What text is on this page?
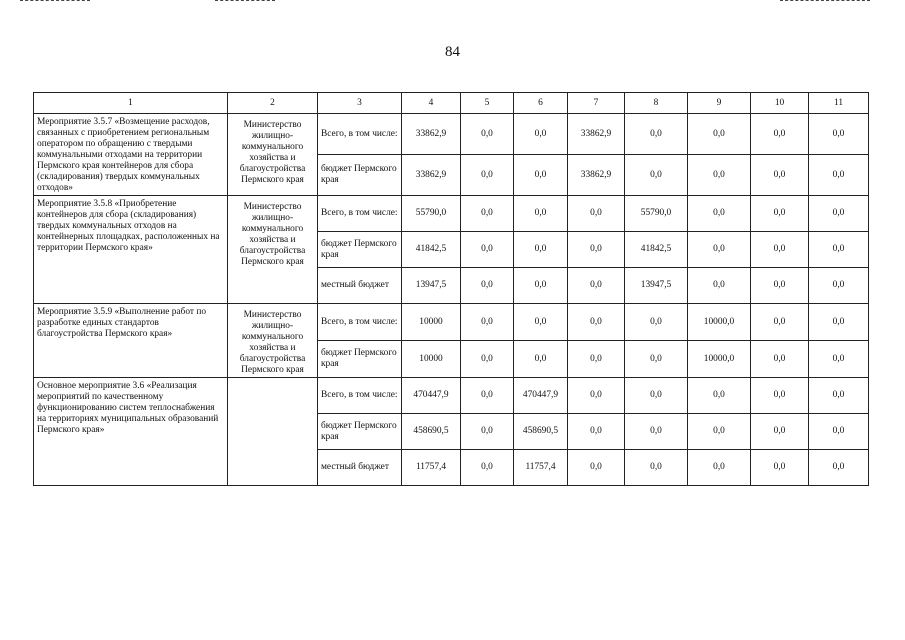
84
1	2	3	4	5	6	7	8	9	10	11
Мероприятие 3.5.7 «Возмещение расходов, связанных с приобретением региональным оператором по обращению с твердыми коммунальными отходами на территории Пермского края контейнеров для сбора (складирования) твердых коммунальных отходов»	Министерство жилищно-коммунального хозяйства и благоустройства Пермского края	Всего, в том числе:	33862,9	0,0	0,0	33862,9	0,0	0,0	0,0	0,0
		бюджет Пермского края	33862,9	0,0	0,0	33862,9	0,0	0,0	0,0	0,0
Мероприятие 3.5.8 «Приобретение контейнеров для сбора (складирования) твердых коммунальных отходов на контейнерных площадках, расположенных на территории Пермского края»	Министерство жилищно-коммунального хозяйства и благоустройства Пермского края	Всего, в том числе:	55790,0	0,0	0,0	0,0	55790,0	0,0	0,0	0,0
		бюджет Пермского края	41842,5	0,0	0,0	0,0	41842,5	0,0	0,0	0,0
		местный бюджет	13947,5	0,0	0,0	0,0	13947,5	0,0	0,0	0,0
Мероприятие 3.5.9 «Выполнение работ по разработке единых стандартов благоустройства Пермского края»	Министерство жилищно-коммунального хозяйства и благоустройства Пермского края	Всего, в том числе:	10000	0,0	0,0	0,0	0,0	10000,0	0,0	0,0
		бюджет Пермского края	10000	0,0	0,0	0,0	0,0	10000,0	0,0	0,0
Основное мероприятие 3.6 «Реализация мероприятий по качественному функционированию систем теплоснабжения на территориях муниципальных образований Пермского края»		Всего, в том числе:	470447,9	0,0	470447,9	0,0	0,0	0,0	0,0	0,0
		бюджет Пермского края	458690,5	0,0	458690,5	0,0	0,0	0,0	0,0	0,0
		местный бюджет	11757,4	0,0	11757,4	0,0	0,0	0,0	0,0	0,0
